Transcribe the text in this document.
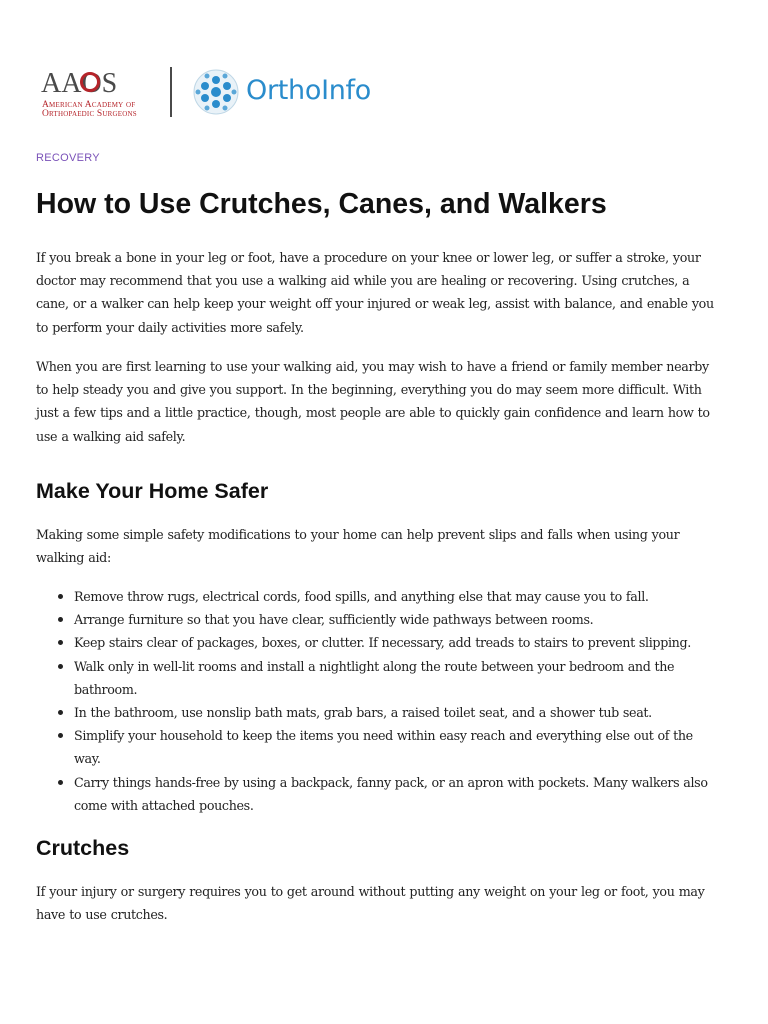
AAOS
American Academy of
Orthopaedic Surgeons
OrthoInfo
RECOVERY
How to Use Crutches, Canes, and Walkers
If you break a bone in your leg or foot, have a procedure on your knee or lower leg, or suffer a stroke, your
doctor may recommend that you use a walking aid while you are healing or recovering. Using crutches, a
cane, or a walker can help keep your weight off your injured or weak leg, assist with balance, and enable you
to perform your daily activities more safely.
When you are first learning to use your walking aid, you may wish to have a friend or family member nearby
to help steady you and give you support. In the beginning, everything you do may seem more difficult. With
just a few tips and a little practice, though, most people are able to quickly gain confidence and learn how to
use a walking aid safely.
Make Your Home Safer
Making some simple safety modifications to your home can help prevent slips and falls when using your
walking aid:
Remove throw rugs, electrical cords, food spills, and anything else that may cause you to fall.
Arrange furniture so that you have clear, sufficiently wide pathways between rooms.
Keep stairs clear of packages, boxes, or clutter. If necessary, add treads to stairs to prevent slipping.
Walk only in well-lit rooms and install a nightlight along the route between your bedroom and the
bathroom.
In the bathroom, use nonslip bath mats, grab bars, a raised toilet seat, and a shower tub seat.
Simplify your household to keep the items you need within easy reach and everything else out of the
way.
Carry things hands-free by using a backpack, fanny pack, or an apron with pockets. Many walkers also
come with attached pouches.
Crutches
If your injury or surgery requires you to get around without putting any weight on your leg or foot, you may
have to use crutches.
